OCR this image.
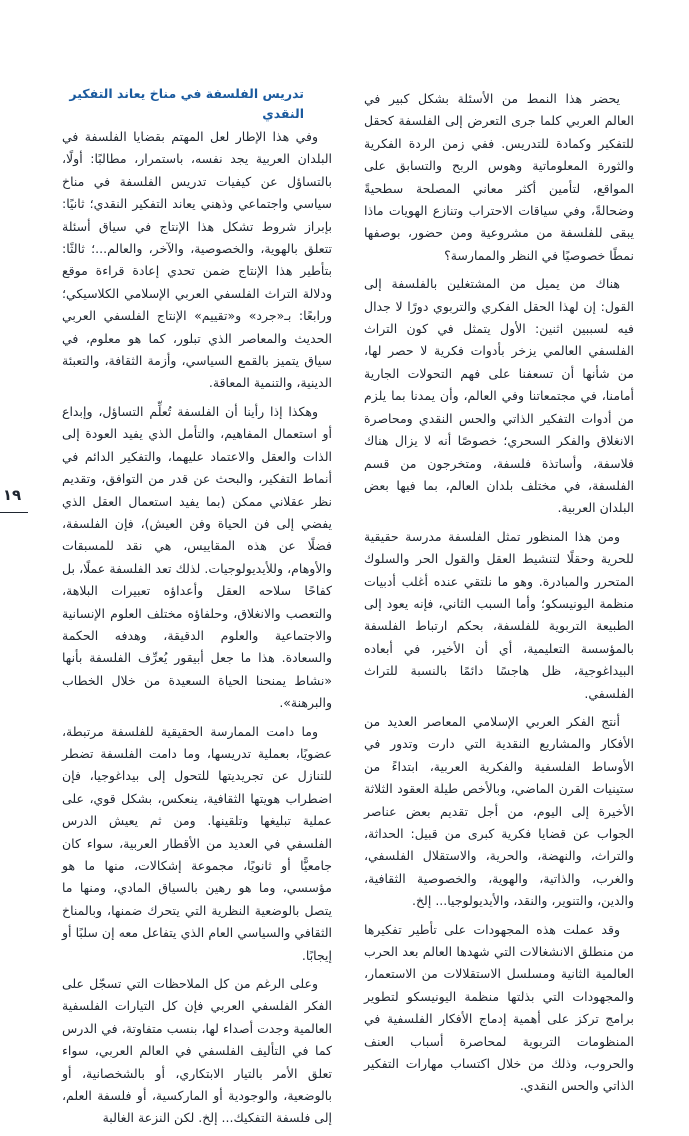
يحضر هذا النمط من الأسئلة بشكل كبير في العالم العربي كلما جرى التعرض إلى الفلسفة كحقل للتفكير وكمادة للتدريس. ففي زمن الردة الفكرية والثورة المعلوماتية وهوس الربح والتسابق على المواقع، لتأمين أكثر معاني المصلحة سطحيةً وضحالةً، وفي سياقات الاحتراب وتنازع الهويات ماذا يبقى للفلسفة من مشروعية ومن حضور، بوصفها نمطًا خصوصيًا في النظر والممارسة؟

هناك من يميل من المشتغلين بالفلسفة إلى القول: إن لهذا الحقل الفكري والتربوي دورًا لا جدال فيه لسببين اثنين: الأول يتمثل في كون التراث الفلسفي العالمي يزخر بأدوات فكرية لا حصر لها، من شأنها أن تسعفنا على فهم التحولات الجارية أمامنا، في مجتمعاتنا وفي العالم، وأن يمدنا بما يلزم من أدوات التفكير الذاتي والحس النقدي ومحاصرة الانغلاق والفكر السحري؛ خصوصًا أنه لا يزال هناك فلاسفة، وأساتذة فلسفة، ومتخرجون من قسم الفلسفة، في مختلف بلدان العالم، بما فيها بعض البلدان العربية.

ومن هذا المنظور تمثل الفلسفة مدرسة حقيقية للحرية وحقلًا لتنشيط العقل والقول الحر والسلوك المتحرر والمبادرة. وهو ما نلتقي عنده أغلب أدبيات منظمة اليونيسكو؛ وأما السبب الثاني، فإنه يعود إلى الطبيعة التربوية للفلسفة، بحكم ارتباط الفلسفة بالمؤسسة التعليمية، أي أن الأخير، في أبعاده البيداغوجية، ظل هاجسًا دائمًا بالنسبة للتراث الفلسفي.

أنتج الفكر العربي الإسلامي المعاصر العديد من الأفكار والمشاريع النقدية التي دارت وتدور في الأوساط الفلسفية والفكرية العربية، ابتداءً من ستينيات القرن الماضي، وبالأخص طيلة العقود الثلاثة الأخيرة إلى اليوم، من أجل تقديم بعض عناصر الجواب عن قضايا فكرية كبرى من قبيل: الحداثة، والتراث، والنهضة، والحرية، والاستقلال الفلسفي، والغرب، والذاتية، والهوية، والخصوصية الثقافية، والدين، والتنوير، والنقد، والأيديولوجيا... إلخ.

وقد عملت هذه المجهودات على تأطير تفكيرها من منطلق الانشغالات التي شهدها العالم بعد الحرب العالمية الثانية ومسلسل الاستقلالات من الاستعمار، والمجهودات التي بذلتها منظمة اليونيسكو لتطوير برامج تركز على أهمية إدماج الأفكار الفلسفية في المنظومات التربوية لمحاصرة أسباب العنف والحروب، وذلك من خلال اكتساب مهارات التفكير الذاتي والحس النقدي.

تدريس الفلسفة في مناخ يعاند التفكير النقدي

وفي هذا الإطار لعل المهتم بقضايا الفلسفة في البلدان العربية يجد نفسه، باستمرار، مطالبًا: أولًا، بالتساؤل عن كيفيات تدريس الفلسفة في مناخ سياسي واجتماعي وذهني يعاند التفكير النقدي؛ ثانيًا: بإبراز شروط تشكل هذا الإنتاج في سياق أسئلة تتعلق بالهوية، والخصوصية، والآخر، والعالم...؛ ثالثًا: بتأطير هذا الإنتاج ضمن تحدي إعادة قراءة موقع ودلالة التراث الفلسفي العربي الإسلامي الكلاسيكي؛ ورابعًا: بـ«جرد» و«تقييم» الإنتاج الفلسفي العربي الحديث والمعاصر الذي تبلور، كما هو معلوم، في سياق يتميز بالقمع السياسي، وأزمة الثقافة، والتعبئة الدينية، والتنمية المعاقة.

وهكذا إذا رأينا أن الفلسفة تُعلِّم التساؤل، وإبداع أو استعمال المفاهيم، والتأمل الذي يفيد العودة إلى الذات والعقل والاعتماد عليهما، والتفكير الدائم في أنماط التفكير، والبحث عن قدر من التوافق، وتقديم نظر عقلاني ممكن (بما يفيد استعمال العقل الذي يفضي إلى فن الحياة وفن العيش)، فإن الفلسفة، فضلًا عن هذه المقاييس، هي نقد للمسبقات والأوهام، وللأيديولوجيات. لذلك تعد الفلسفة عملًا، بل كفاحًا سلاحه العقل وأعداؤه تعبيرات البلاهة، والتعصب والانغلاق، وحلفاؤه مختلف العلوم الإنسانية والاجتماعية والعلوم الدقيقة، وهدفه الحكمة والسعادة. هذا ما جعل أبيقور يُعرِّف الفلسفة بأنها «نشاط يمنحنا الحياة السعيدة من خلال الخطاب والبرهنة».

وما دامت الممارسة الحقيقية للفلسفة مرتبطة، عضويًا، بعملية تدريسها، وما دامت الفلسفة تضطر للتنازل عن تجريديتها للتحول إلى بيداغوجيا، فإن اضطراب هويتها الثقافية، ينعكس، بشكل قوي، على عملية تبليغها وتلقينها. ومن ثم يعيش الدرس الفلسفي في العديد من الأقطار العربية، سواء كان جامعيًّا أو ثانويًا، مجموعة إشكالات، منها ما هو مؤسسي، وما هو رهين بالسياق المادي، ومنها ما يتصل بالوضعية النظرية التي يتحرك ضمنها، وبالمناخ الثقافي والسياسي العام الذي يتفاعل معه إن سلبًا أو إيجابًا.

وعلى الرغم من كل الملاحظات التي تسجّل على الفكر الفلسفي العربي فإن كل التيارات الفلسفية العالمية وجدت أصداء لها، بنسب متفاوتة، في الدرس كما في التأليف الفلسفي في العالم العربي، سواء تعلق الأمر بالتيار الابتكاري، أو بالشخصانية، أو بالوضعية، والوجودية أو الماركسية، أو فلسفة العلم، إلى فلسفة التفكيك... إلخ. لكن النزعة الغالبة

١٩
